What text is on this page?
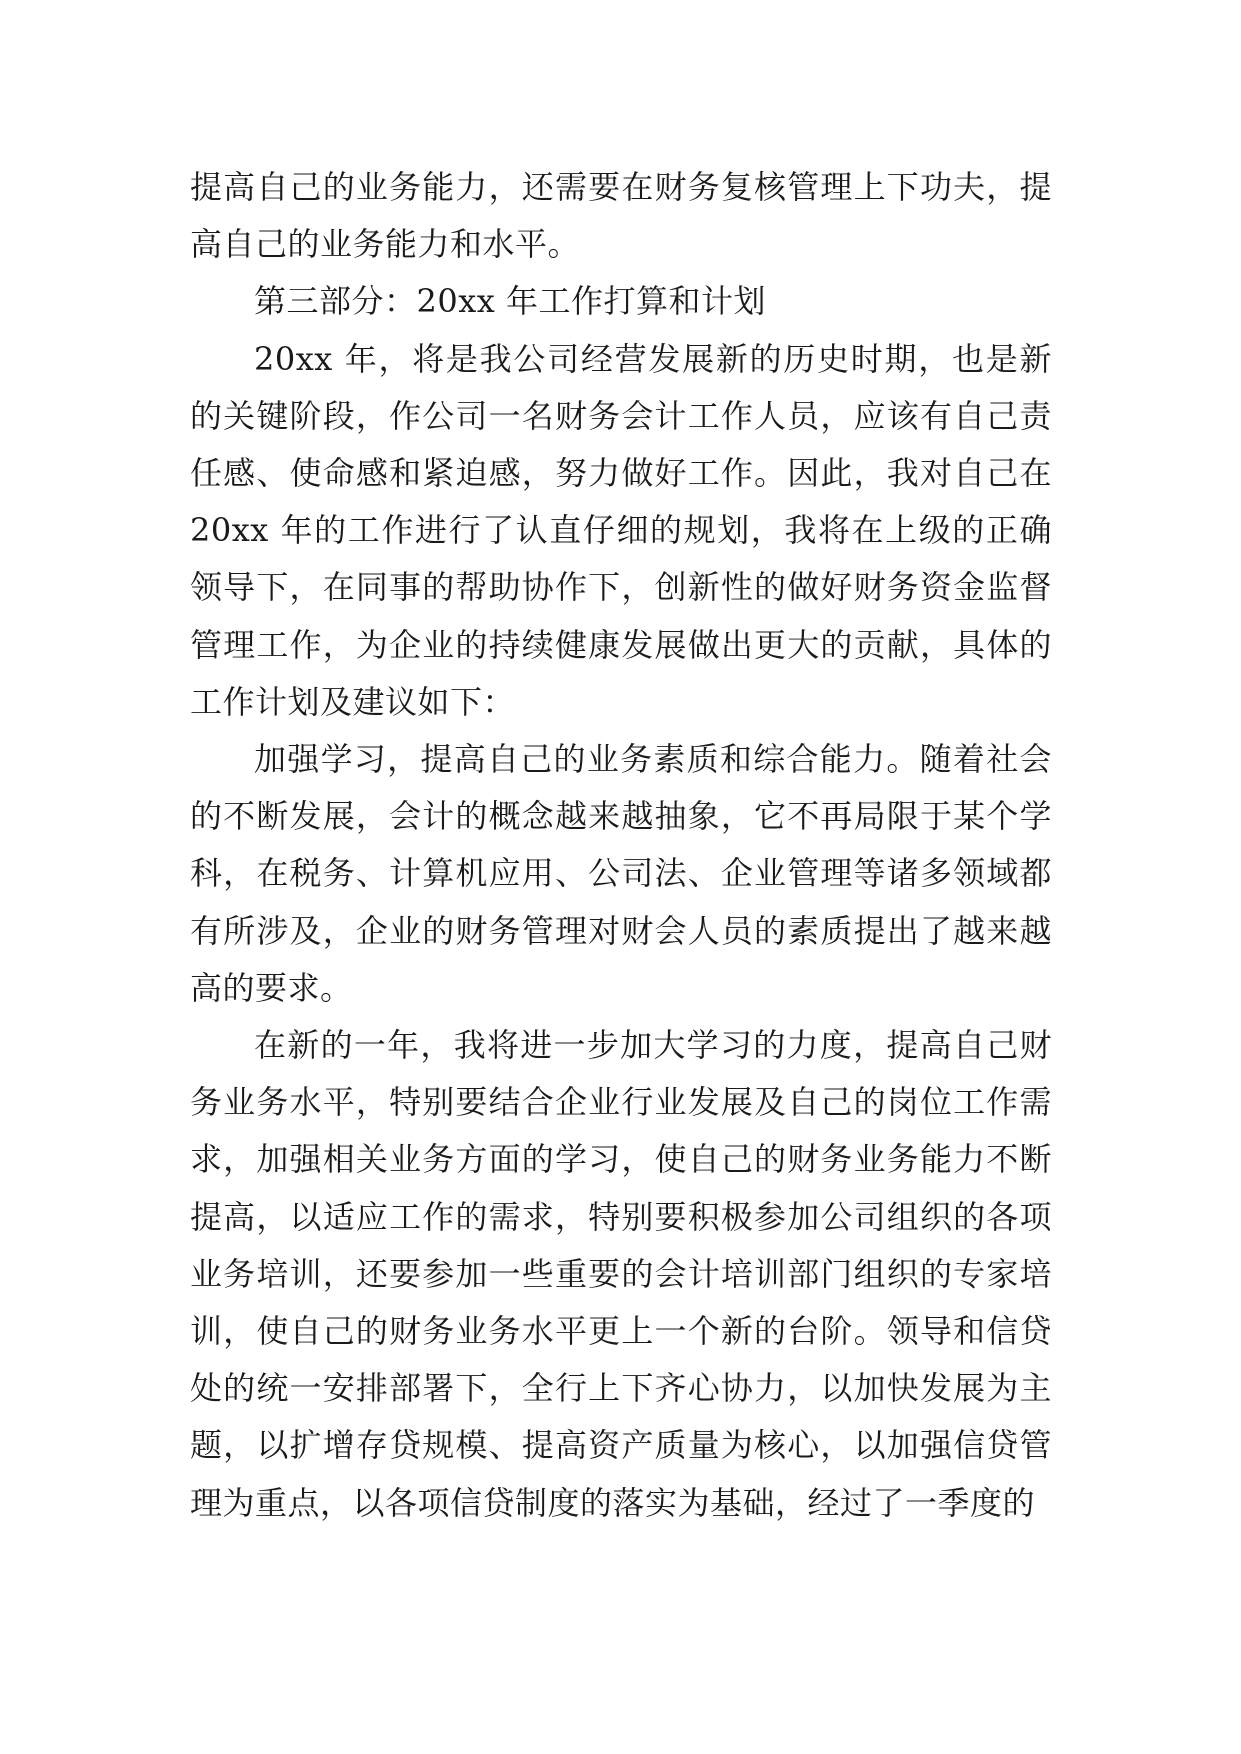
提高自己的业务能力，还需要在财务复核管理上下功夫，提高自己的业务能力和水平。

第三部分：20xx 年工作打算和计划

20xx 年，将是我公司经营发展新的历史时期，也是新的关键阶段，作公司一名财务会计工作人员，应该有自己责任感、使命感和紧迫感，努力做好工作。因此，我对自己在 20xx 年的工作进行了认直仔细的规划，我将在上级的正确领导下，在同事的帮助协作下，创新性的做好财务资金监督管理工作，为企业的持续健康发展做出更大的贡献，具体的工作计划及建议如下：

加强学习，提高自己的业务素质和综合能力。随着社会的不断发展，会计的概念越来越抽象，它不再局限于某个学科，在税务、计算机应用、公司法、企业管理等诸多领域都有所涉及，企业的财务管理对财会人员的素质提出了越来越高的要求。

在新的一年，我将进一步加大学习的力度，提高自己财务业务水平，特别要结合企业行业发展及自己的岗位工作需求，加强相关业务方面的学习，使自己的财务业务能力不断提高，以适应工作的需求，特别要积极参加公司组织的各项业务培训，还要参加一些重要的会计培训部门组织的专家培训，使自己的财务业务水平更上一个新的台阶。领导和信贷处的统一安排部署下，全行上下齐心协力，以加快发展为主题，以扩增存贷规模、提高资产质量为核心，以加强信贷管理为重点，以各项信贷制度的落实为基础，经过了一季度的
